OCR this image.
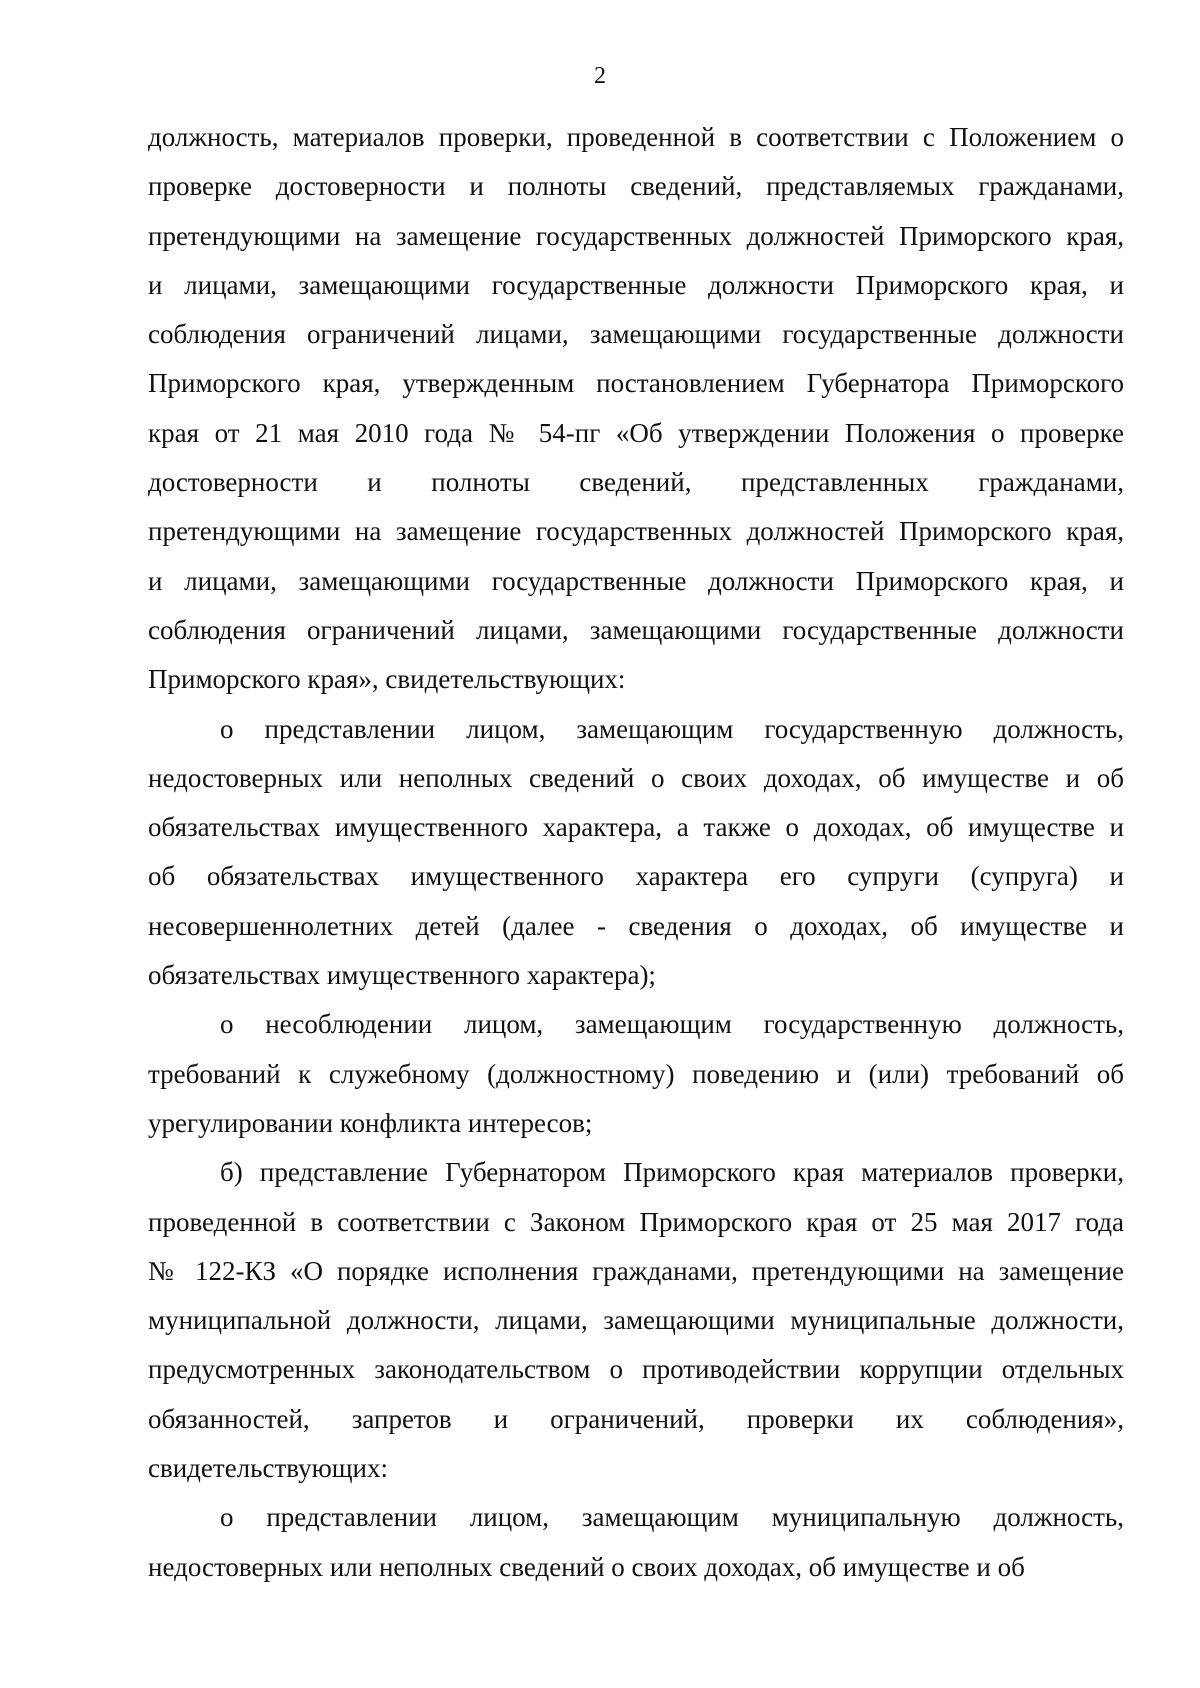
2
должность, материалов проверки, проведенной в соответствии с Положением о
проверке достоверности и полноты сведений, представляемых гражданами,
претендующими на замещение государственных должностей Приморского края,
и лицами, замещающими государственные должности Приморского края, и
соблюдения ограничений лицами, замещающими государственные должности
Приморского края, утвержденным постановлением Губернатора Приморского
края от 21 мая 2010 года № 54-пг «Об утверждении Положения о проверке
достоверности и полноты сведений, представленных гражданами,
претендующими на замещение государственных должностей Приморского края,
и лицами, замещающими государственные должности Приморского края, и
соблюдения ограничений лицами, замещающими государственные должности
Приморского края», свидетельствующих:
о представлении лицом, замещающим государственную должность,
недостоверных или неполных сведений о своих доходах, об имуществе и об
обязательствах имущественного характера, а также о доходах, об имуществе и
об обязательствах имущественного характера его супруги (супруга) и
несовершеннолетних детей (далее - сведения о доходах, об имуществе и
обязательствах имущественного характера);
о несоблюдении лицом, замещающим государственную должность,
требований к служебному (должностному) поведению и (или) требований об
урегулировании конфликта интересов;
б) представление Губернатором Приморского края материалов проверки,
проведенной в соответствии с Законом Приморского края от 25 мая 2017 года
№ 122-КЗ «О порядке исполнения гражданами, претендующими на замещение
муниципальной должности, лицами, замещающими муниципальные должности,
предусмотренных законодательством о противодействии коррупции отдельных
обязанностей, запретов и ограничений, проверки их соблюдения»,
свидетельствующих:
о представлении лицом, замещающим муниципальную должность,
недостоверных или неполных сведений о своих доходах, об имуществе и об
